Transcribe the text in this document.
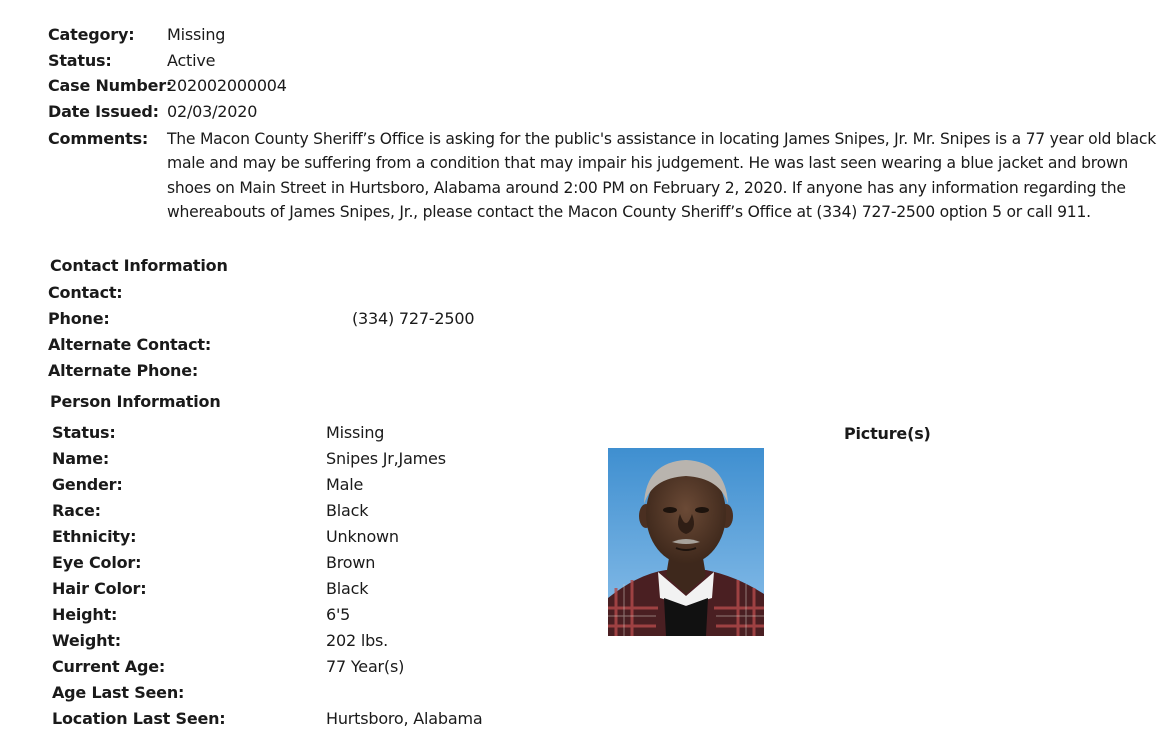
Category: Missing
Status:	Active
Case Number:
202002000004
Date Issued: 02/03/2020
Comments: The Macon County Sheriff’s Office is asking for the public's assistance in locating James Snipes, Jr. Mr. Snipes is a 77 year old black male and may be suffering from a condition that may impair his judgement. He was last seen wearing a blue jacket and brown shoes on Main Street in Hurtsboro, Alabama around 2:00 PM on February 2, 2020. If anyone has any information regarding the whereabouts of James Snipes, Jr., please contact the Macon County Sheriff’s Office at (334) 727-2500 option 5 or call 911.
Contact Information
Contact:
Phone:	(334) 727-2500
Alternate Contact:
Alternate Phone:
Person Information
Picture(s)
Status:	Missing
Name:	Snipes Jr,James
Gender:	Male
Race:	Black
Ethnicity:	Unknown
Eye Color:	Brown
Hair Color:	Black
Height:	6'5
Weight:	202 lbs.
Current Age:	77 Year(s)
Age Last Seen:
Location Last Seen:	Hurtsboro, Alabama
